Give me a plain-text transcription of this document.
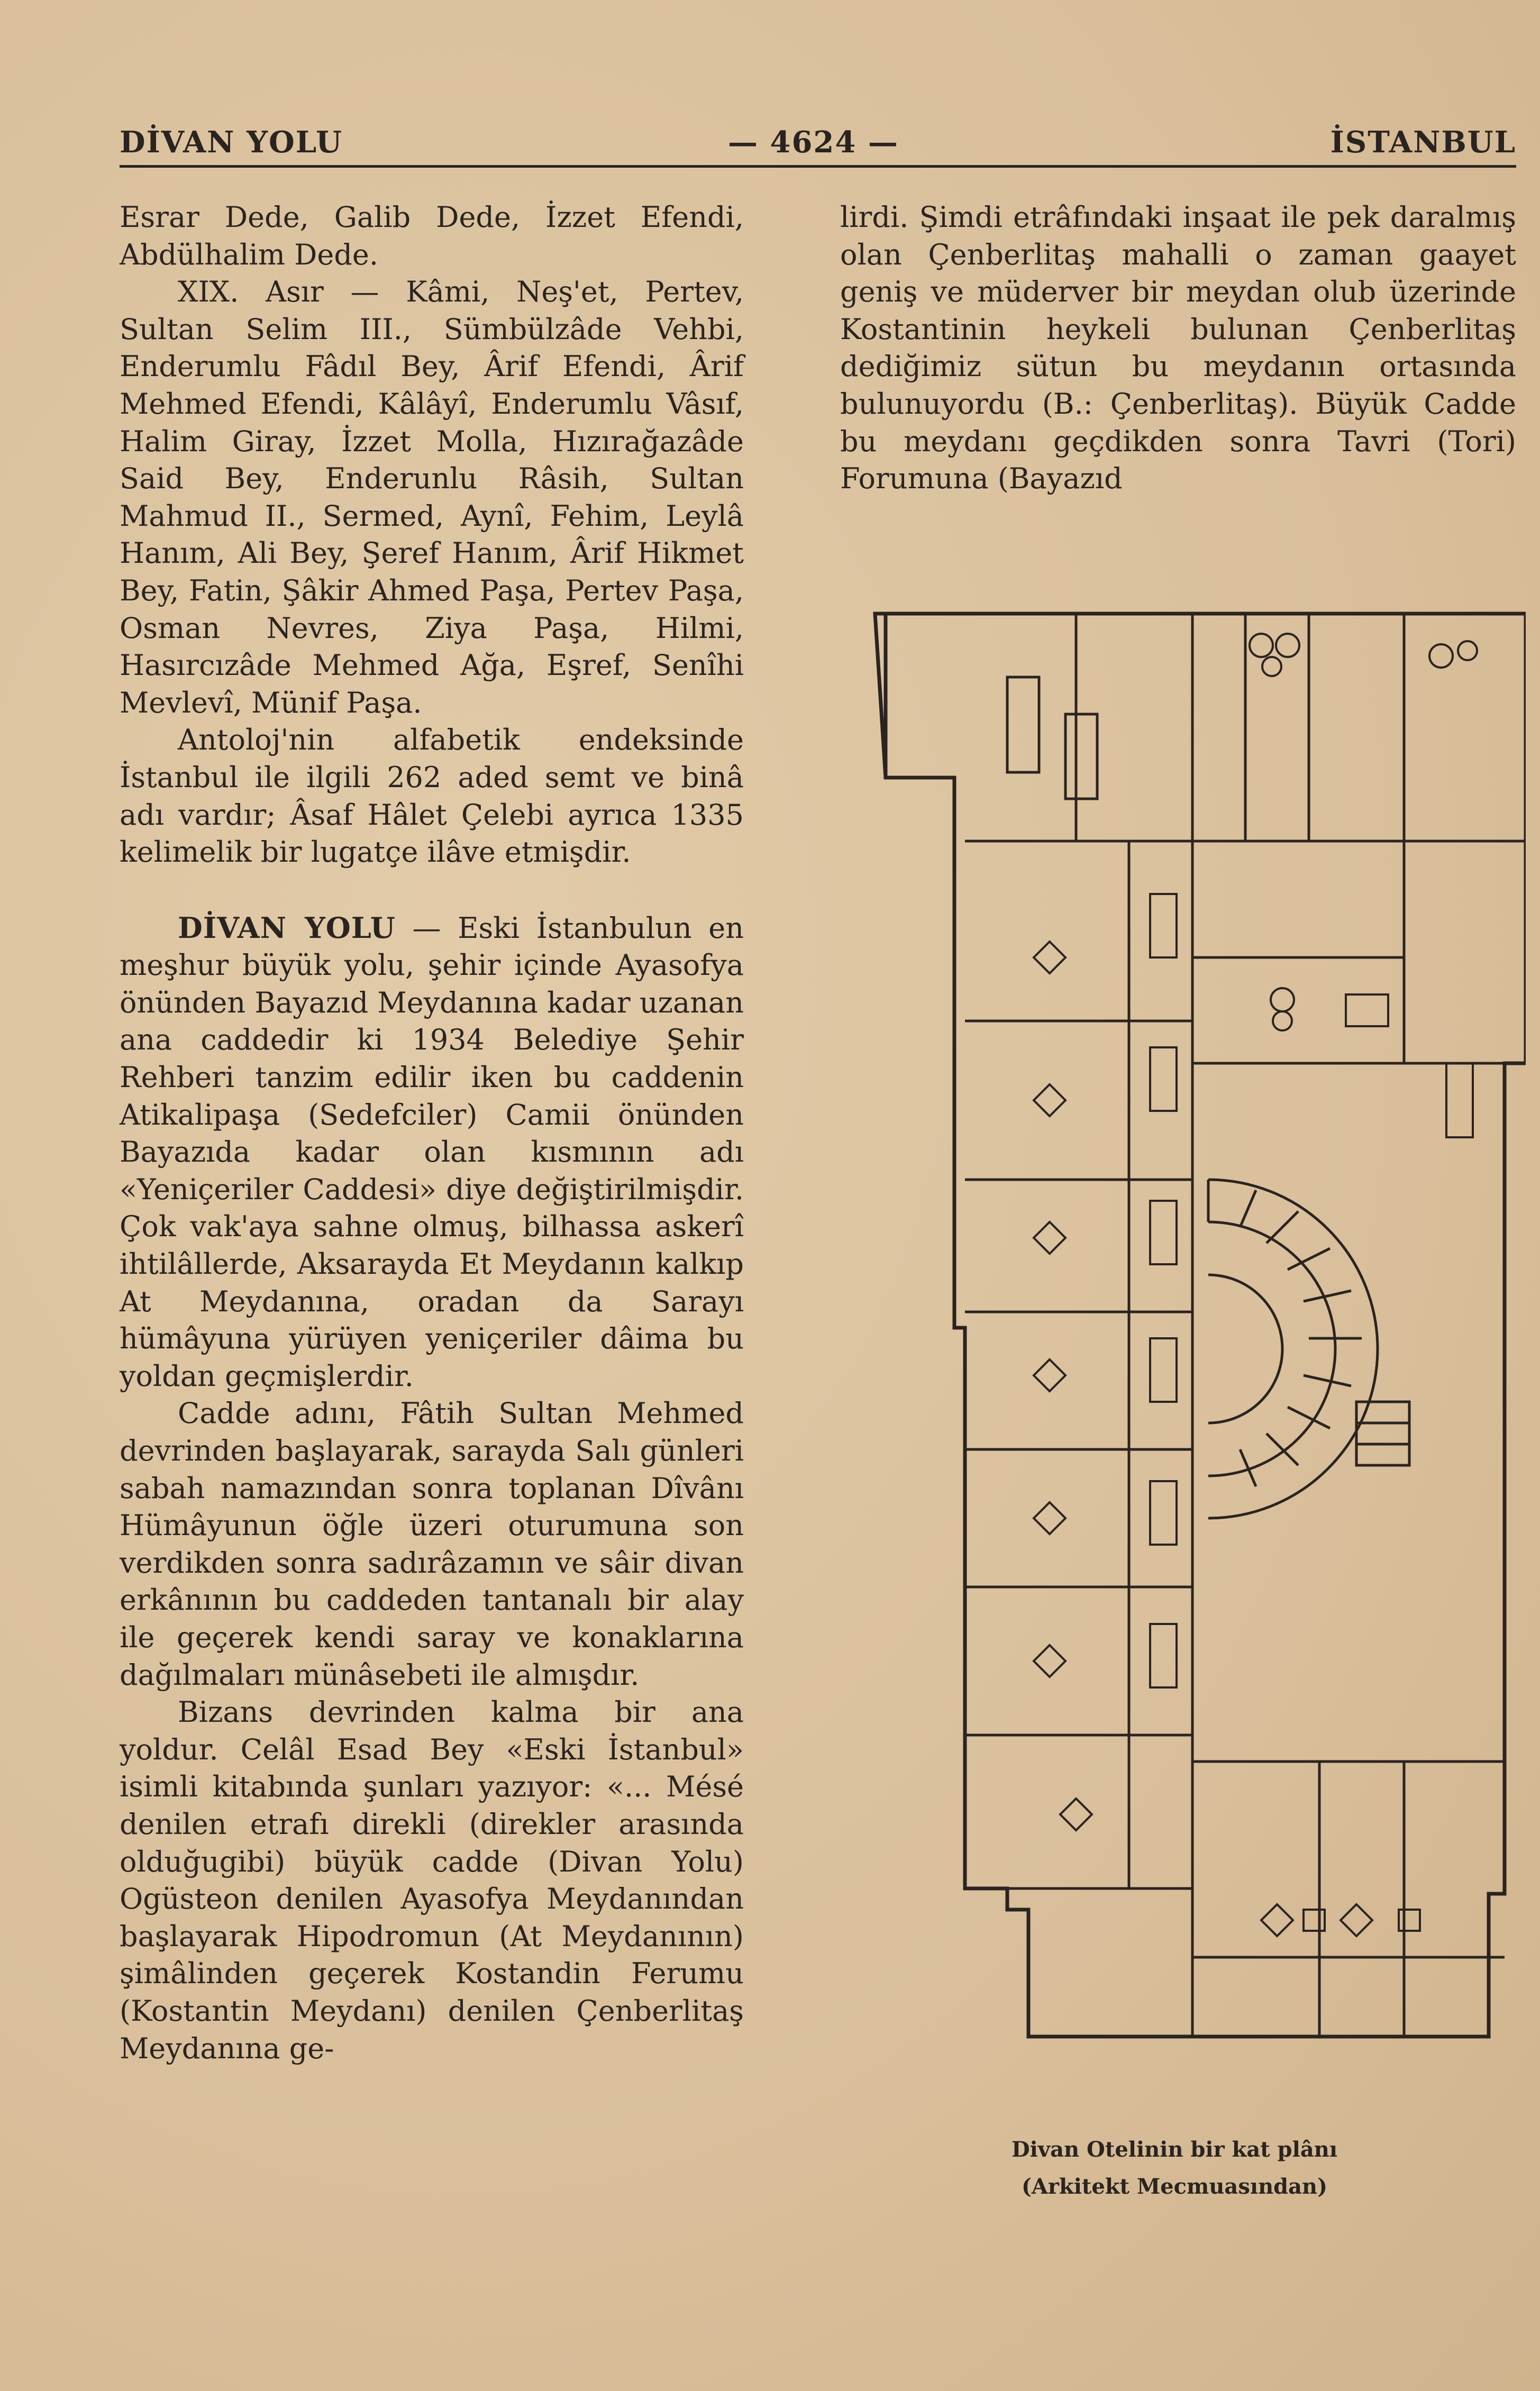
DİVAN YOLU	— 4624 —	İSTANBUL

Esrar Dede, Galib Dede, İzzet Efendi, Abdülhalim Dede.

XIX. Asır — Kâmi, Neş'et, Pertev, Sultan Selim III., Sümbülzâde Vehbi, Enderumlu Fâdıl Bey, Ârif Efendi, Ârif Mehmed Efendi, Kâlâyî, Enderumlu Vâsıf, Halim Giray, İzzet Molla, Hızırağazâde Said Bey, Enderunlu Râsih, Sultan Mahmud II., Sermed, Aynî, Fehim, Leylâ Hanım, Ali Bey, Şeref Hanım, Ârif Hikmet Bey, Fatin, Şâkir Ahmed Paşa, Pertev Paşa, Osman Nevres, Ziya Paşa, Hilmi, Hasırcızâde Mehmed Ağa, Eşref, Senîhi Mevlevî, Münif Paşa.

Antoloj'nin alfabetik endeksinde İstanbul ile ilgili 262 aded semt ve binâ adı vardır; Âsaf Hâlet Çelebi ayrıca 1335 kelimelik bir lugatçe ilâve etmişdir.

DİVAN YOLU — Eski İstanbulun en meşhur büyük yolu, şehir içinde Ayasofya önünden Bayazıd Meydanına kadar uzanan ana caddedir ki 1934 Belediye Şehir Rehberi tanzim edilir iken bu caddenin Atikalipaşa (Sedefciler) Camii önünden Bayazıda kadar olan kısmının adı «Yeniçeriler Caddesi» diye değiştirilmişdir. Çok vak'aya sahne olmuş, bilhassa askerî ihtilâllerde, Aksarayda Et Meydanın kalkıp At Meydanına, oradan da Sarayı hümâyuna yürüyen yeniçeriler dâima bu yoldan geçmişlerdir.

Cadde adını, Fâtih Sultan Mehmed devrinden başlayarak, sarayda Salı günleri sabah namazından sonra toplanan Dîvânı Hümâyunun öğle üzeri oturumuna son verdikden sonra sadırâzamın ve sâir divan erkânının bu caddeden tantanalı bir alay ile geçerek kendi saray ve konaklarına dağılmaları münâsebeti ile almışdır.

Bizans devrinden kalma bir ana yoldur. Celâl Esad Bey «Eski İstanbul» isimli kitabında şunları yazıyor: «... Mésé denilen etrafı direkli (direkler arasında olduğugibi) büyük cadde (Divan Yolu) Ogüsteon denilen Ayasofya Meydanından başlayarak Hipodromun (At Meydanının) şimâlinden geçerek Kostandin Ferumu (Kostantin Meydanı) denilen Çenberlitaş Meydanına ge-

lirdi. Şimdi etrâfındaki inşaat ile pek daralmış olan Çenberlitaş mahalli o zaman gaayet geniş ve müderver bir meydan olub üzerinde Kostantinin heykeli bulunan Çenberlitaş dediğimiz sütun bu meydanın ortasında bulunuyordu (B.: Çenberlitaş). Büyük Cadde bu meydanı geçdikden sonra Tavri (Tori) Forumuna (Bayazıd

Divan Otelinin bir kat plânı
(Arkitekt Mecmuasından)
